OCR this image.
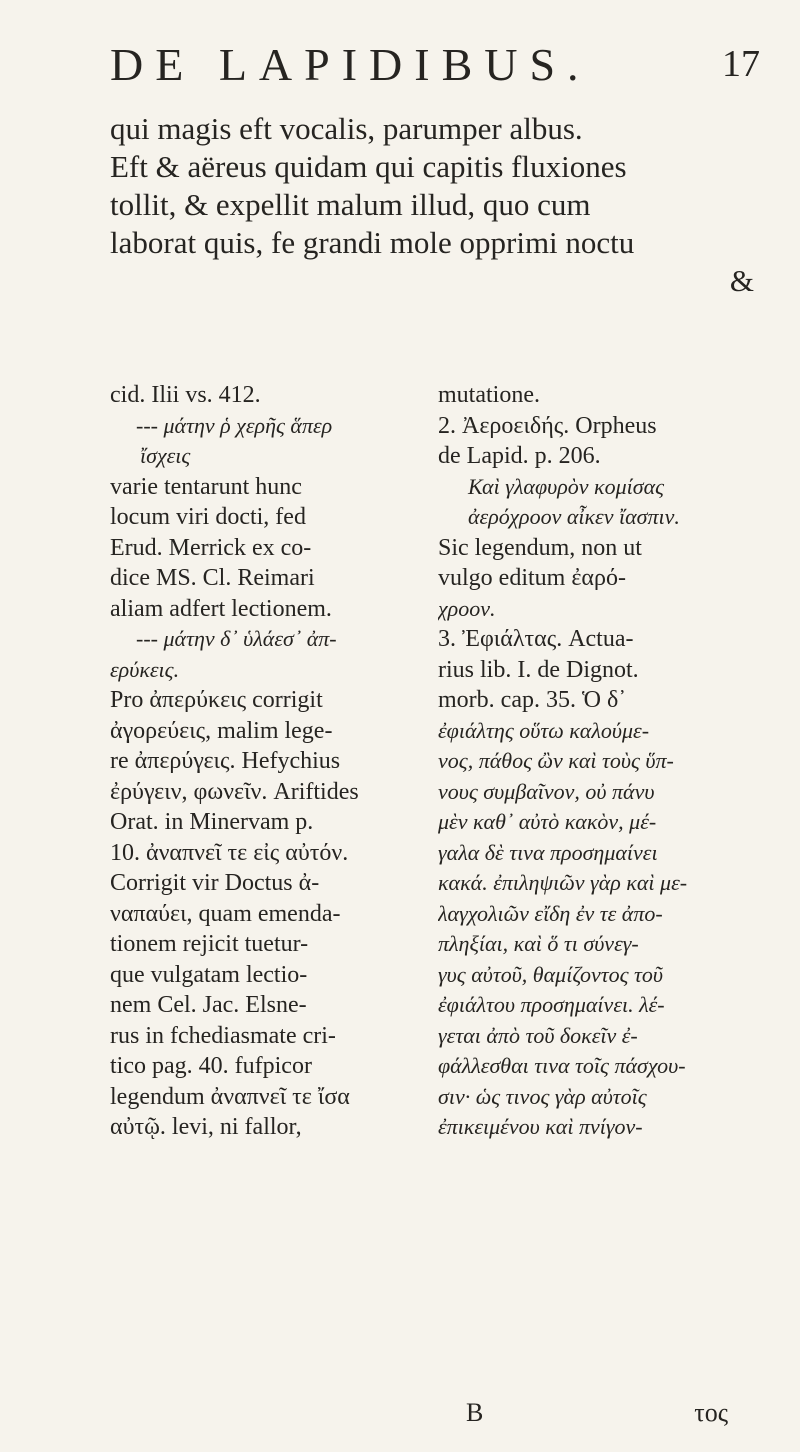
DE LAPIDIBUS.	17
qui magis eft vocalis, parumper albus.
Eft & aëreus quidam qui capitis fluxiones
tollit, & expellit malum illud, quo cum
laborat quis, fe grandi mole opprimi noctu
&
cid. Ilii vs. 412.
--- μάτην ῥ χερῆς ἅπερ
ἴσχεις
varie tentarunt hunc
locum viri docti, fed
Erud. Merrick ex co-
dice MS. Cl. Reimari
aliam adfert lectionem.
--- μάτην δ᾽ ὑλάεσ᾽ ἀπ-
ερύκεις.
Pro ἀπερύκεις corrigit
ἀγορεύεις, malim lege-
re ἀπερύγεις. Hefychius
ἐρύγειν, φωνεῖν. Ariftides
Orat. in Minervam p.
10. ἀναπνεῖ τε εἰς αὐτόν.
Corrigit vir Doctus ἀ-
ναπαύει, quam emenda-
tionem rejicit tuetur-
que vulgatam lectio-
nem Cel. Jac. Elsne-
rus in fchediasmate cri-
tico pag. 40. fufpicor
legendum ἀναπνεῖ τε ἴσα
αὐτῷ. levi, ni fallor,
mutatione.
2. Ἀεροειδής. Orpheus
de Lapid. p. 206.
Καὶ γλαφυρὸν κομίσας
ἀερόχροον αἶκεν ἴασπιν.
Sic legendum, non ut
vulgo editum ἐαρό-
χροον.
3. Ἐφιάλτας. Actua-
rius lib. I. de Dignot.
morb. cap. 35. Ὁ δ᾽
ἐφιάλτης οὕτω καλούμε-
νος, πάθος ὢν καὶ τοὺς ὕπ-
νους συμβαῖνον, οὐ πάνυ
μὲν καθ᾽ αὐτὸ κακὸν, μέ-
γαλα δὲ τινα προσημαίνει
κακά. ἐπιληψιῶν γὰρ καὶ με-
λαγχολιῶν εἴδη ἐν τε ἀπο-
πληξίαι, καὶ ὅ τι σύνεγ-
γυς αὐτοῦ, θαμίζοντος τοῦ
ἐφιάλτου προσημαίνει. λέ-
γεται ἀπὸ τοῦ δοκεῖν ἐ-
φάλλεσθαι τινα τοῖς πάσχου-
σιν· ὡς τινος γὰρ αὐτοῖς
ἐπικειμένου καὶ πνίγον-
B	τος
